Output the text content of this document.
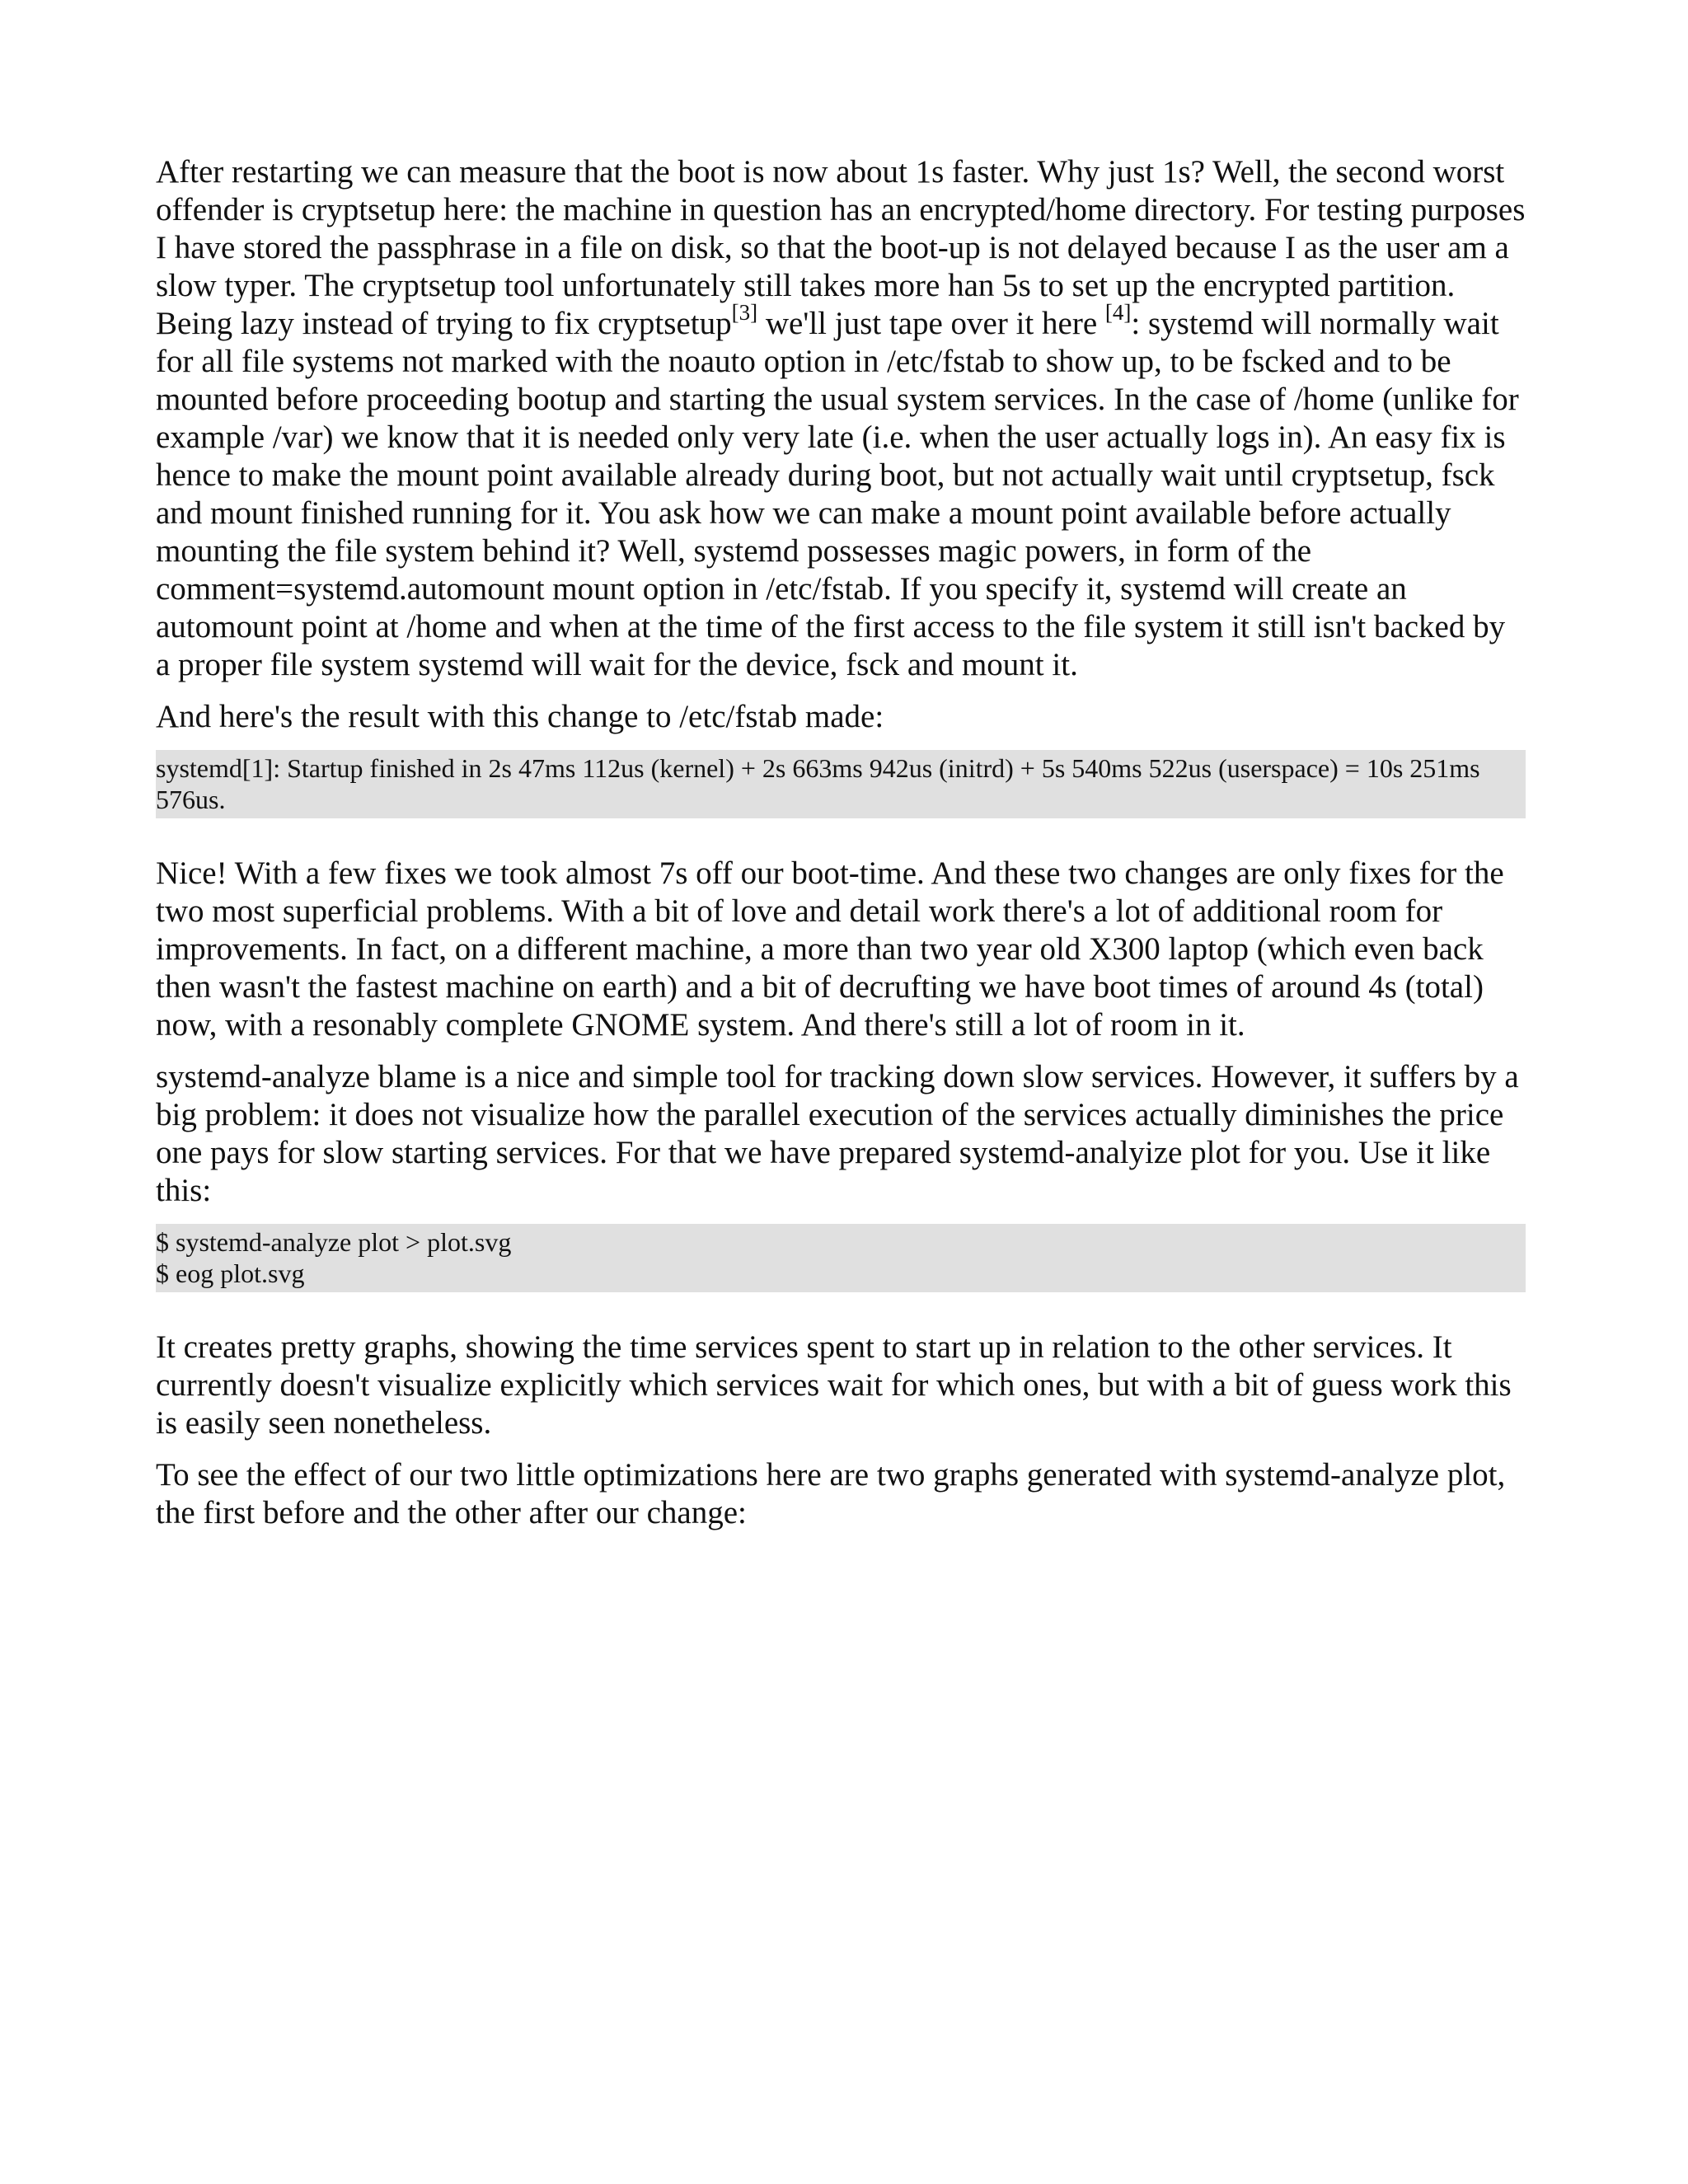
After restarting we can measure that the boot is now about 1s faster. Why just 1s? Well, the second worst offender is cryptsetup here: the machine in question has an encrypted/home directory. For testing purposes I have stored the passphrase in a file on disk, so that the boot-up is not delayed because I as the user am a slow typer. The cryptsetup tool unfortunately still takes more han 5s to set up the encrypted partition. Being lazy instead of trying to fix cryptsetup[3] we'll just tape over it here [4]: systemd will normally wait for all file systems not marked with the noauto option in /etc/fstab to show up, to be fscked and to be mounted before proceeding bootup and starting the usual system services. In the case of /home (unlike for example /var) we know that it is needed only very late (i.e. when the user actually logs in). An easy fix is hence to make the mount point available already during boot, but not actually wait until cryptsetup, fsck and mount finished running for it. You ask how we can make a mount point available before actually mounting the file system behind it? Well, systemd possesses magic powers, in form of the comment=systemd.automount mount option in /etc/fstab. If you specify it, systemd will create an automount point at /home and when at the time of the first access to the file system it still isn't backed by a proper file system systemd will wait for the device, fsck and mount it.

And here's the result with this change to /etc/fstab made:

systemd[1]: Startup finished in 2s 47ms 112us (kernel) + 2s 663ms 942us (initrd) + 5s 540ms 522us (userspace) = 10s 251ms 576us.

Nice! With a few fixes we took almost 7s off our boot-time. And these two changes are only fixes for the two most superficial problems. With a bit of love and detail work there's a lot of additional room for improvements. In fact, on a different machine, a more than two year old X300 laptop (which even back then wasn't the fastest machine on earth) and a bit of decrufting we have boot times of around 4s (total) now, with a resonably complete GNOME system. And there's still a lot of room in it.

systemd-analyze blame is a nice and simple tool for tracking down slow services. However, it suffers by a big problem: it does not visualize how the parallel execution of the services actually diminishes the price one pays for slow starting services. For that we have prepared systemd-analyize plot for you. Use it like this:

$ systemd-analyze plot > plot.svg
$ eog plot.svg

It creates pretty graphs, showing the time services spent to start up in relation to the other services. It currently doesn't visualize explicitly which services wait for which ones, but with a bit of guess work this is easily seen nonetheless.

To see the effect of our two little optimizations here are two graphs generated with systemd-analyze plot, the first before and the other after our change:
